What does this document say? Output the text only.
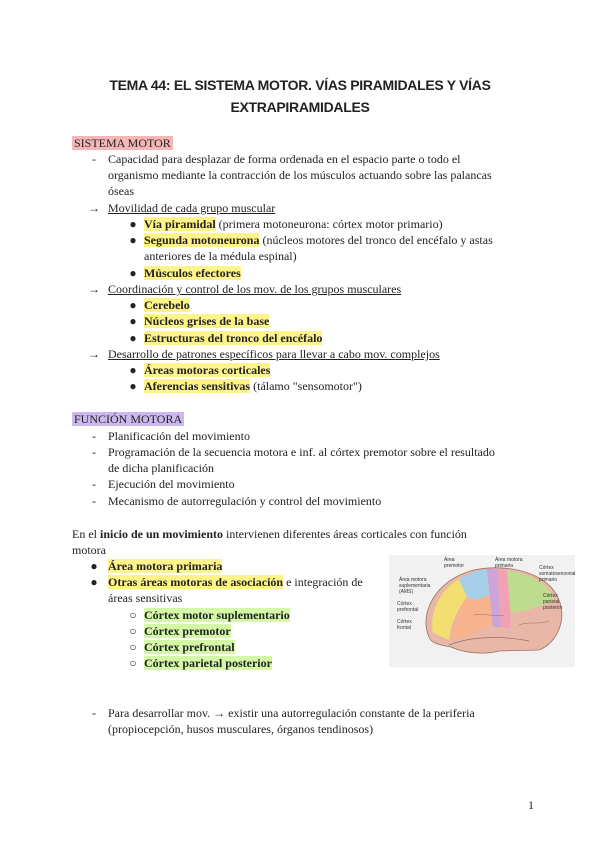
TEMA 44: EL SISTEMA MOTOR. VÍAS PIRAMIDALES Y VÍAS
EXTRAPIRAMIDALES
SISTEMA MOTOR
-	Capacidad para desplazar de forma ordenada en el espacio parte o todo el
organismo mediante la contracción de los músculos actuando sobre las palancas
óseas
→ Movilidad de cada grupo muscular
● Vía piramidal (primera motoneurona: córtex motor primario)
● Segunda motoneurona (núcleos motores del tronco del encéfalo y astas
anteriores de la médula espinal)
● Músculos efectores
→ Coordinación y control de los mov. de los grupos musculares
● Cerebelo
● Núcleos grises de la base
● Estructuras del tronco del encéfalo
→ Desarrollo de patrones específicos para llevar a cabo mov. complejos
● Áreas motoras corticales
● Aferencias sensitivas (tálamo "sensomotor")
FUNCIÓN MOTORA
-	Planificación del movimiento
-	Programación de la secuencia motora e inf. al córtex premotor sobre el resultado
de dicha planificación
-	Ejecución del movimiento
-	Mecanismo de autorregulación y control del movimiento
En el inicio de un movimiento intervienen diferentes áreas corticales con función
motora
● Área motora primaria
● Otras áreas motoras de asociación e integración de
áreas sensitivas
○ Córtex motor suplementario
○ Córtex premotor
○ Córtex prefrontal
○ Córtex parietal posterior
Área premotor
Área motora primaria
Área motora suplementaria (AMS)
Córtex prefrontal
Córtex frontal
Córtex somatosensorial primario
Córtex parietal posterior
-	Para desarrollar mov. → existir una autorregulación constante de la periferia
(propiocepción, husos musculares, órganos tendinosos)
1
